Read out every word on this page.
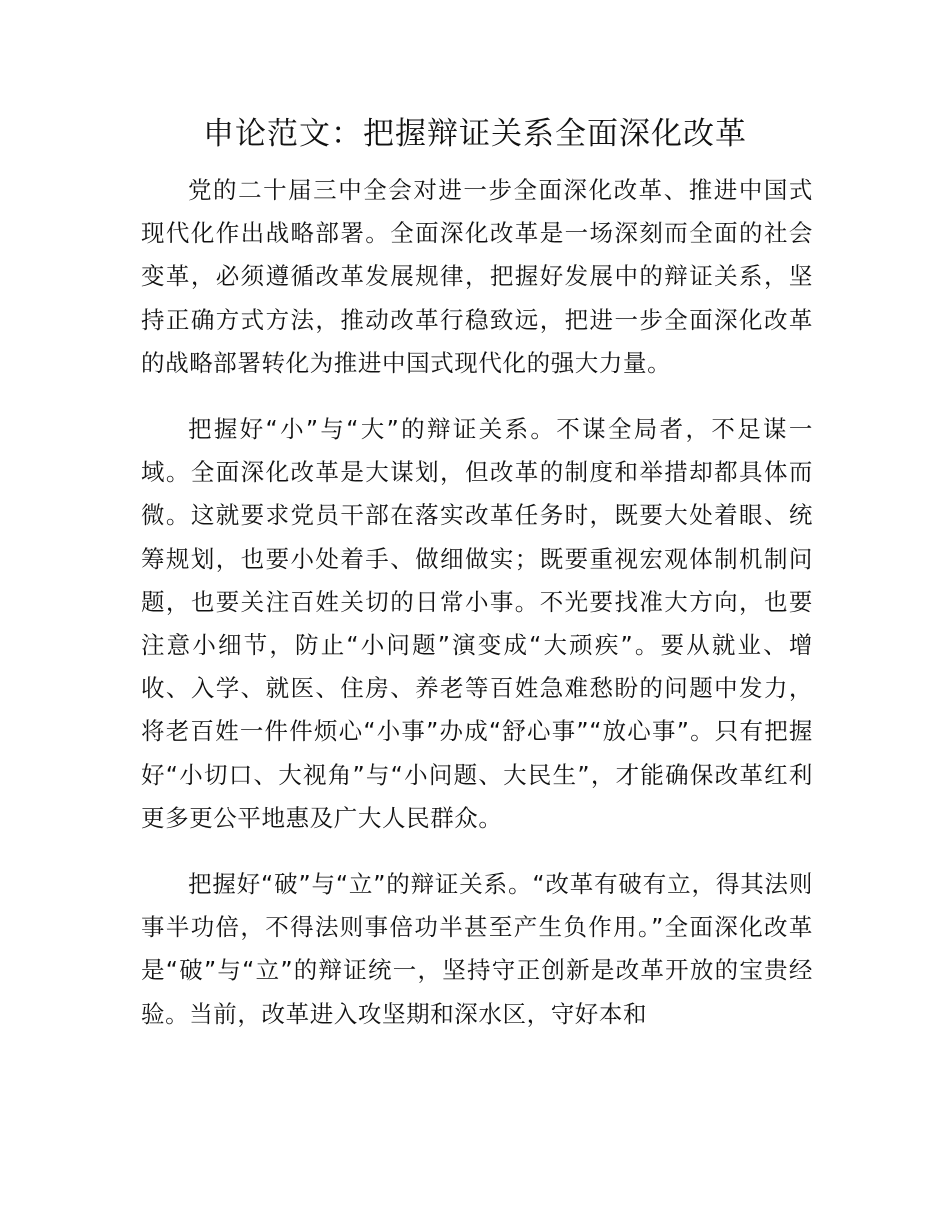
申论范文：把握辩证关系全面深化改革

党的二十届三中全会对进一步全面深化改革、推进中国式现代化作出战略部署。全面深化改革是一场深刻而全面的社会变革，必须遵循改革发展规律，把握好发展中的辩证关系，坚持正确方式方法，推动改革行稳致远，把进一步全面深化改革的战略部署转化为推进中国式现代化的强大力量。

把握好“小”与“大”的辩证关系。不谋全局者，不足谋一域。全面深化改革是大谋划，但改革的制度和举措却都具体而微。这就要求党员干部在落实改革任务时，既要大处着眼、统筹规划，也要小处着手、做细做实；既要重视宏观体制机制问题，也要关注百姓关切的日常小事。不光要找准大方向，也要注意小细节，防止“小问题”演变成“大顽疾”。要从就业、增收、入学、就医、住房、养老等百姓急难愁盼的问题中发力，将老百姓一件件烦心“小事”办成“舒心事”“放心事”。只有把握好“小切口、大视角”与“小问题、大民生”，才能确保改革红利更多更公平地惠及广大人民群众。

把握好“破”与“立”的辩证关系。“改革有破有立，得其法则事半功倍，不得法则事倍功半甚至产生负作用。”全面深化改革是“破”与“立”的辩证统一，坚持守正创新是改革开放的宝贵经验。当前，改革进入攻坚期和深水区，守好本和
